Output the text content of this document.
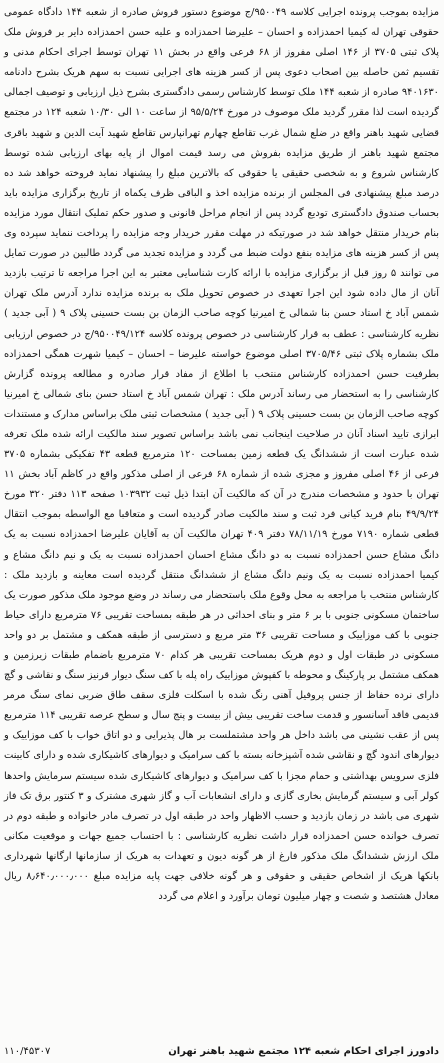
مزایده بموجب پرونده اجرایی کلاسه ۹۵۰۰۴۹/ج موضوع دستور فروش صادره از شعبه ۱۴۴ دادگاه عمومی حقوقی تهران له کیمیا احمدزاده و احسان – علیرضا احمدزاده و علیه حسن احمدزاده دایر بر فروش ملک پلاک ثبتی ۳۷۰۵ از ۱۴۶ اصلی مفروز از ۶۸ فرعی واقع در بخش ۱۱ تهران توسط اجرای احکام مدنی و تقسیم ثمن حاصله بین اصحاب دعوی پس از کسر هزینه های اجرایی نسبت به سهم هریک بشرح دادنامه ۹۴۰۱۶۳۰ صادره از شعبه ۱۴۴ ملک توسط کارشناس رسمی دادگستری بشرح ذیل ارزیابی و توصیف اجمالی گردیده است لذا مقرر گردید ملک موصوف در مورخ ۹۵/۵/۲۴ از ساعت ۱۰ الی ۱۰/۳۰ شعبه ۱۲۴ در مجتمع قضایی شهید باهنر واقع در ضلع شمال غرب تقاطع چهارم تهرانپارس تقاطع شهید آیت الدین و شهید باقری مجتمع شهید باهنر از طریق مزایده بفروش می رسد قیمت اموال از پایه بهای ارزیابی شده توسط کارشناس شروع و به شخصی حقیقی یا حقوقی که بالاترین مبلغ را پیشنهاد نماید فروخته خواهد شد ده درصد مبلغ پیشنهادی فی المجلس از برنده مزایده اخذ و الباقی ظرف یکماه از تاریخ برگزاری مزایده باید بحساب صندوق دادگستری تودیع گردد پس از انجام مراحل قانونی و صدور حکم تملیک انتقال مورد مزایده بنام خریدار منتقل خواهد شد در صورتیکه در مهلت مقرر خریدار وجه مزایده را پرداخت ننماید سپرده وی پس از کسر هزینه های مزایده بنفع دولت ضبط می گردد و مزایده تجدید می گردد طالبین در صورت تمایل می توانند ۵ روز قبل از برگزاری مزایده با ارائه کارت شناسایی معتبر به این اجرا مراجعه تا ترتیب بازدید آنان از مال داده شود این اجرا تعهدی در خصوص تحویل ملک به برنده مزایده ندارد آدرس ملک تهران شمس آباد خ استاد حسن بنا شمالی خ امیرنیا کوچه صاحب الزمان بن بست حسینی پلاک ۹ ( آبی جدید ) نظریه کارشناسی : عطف به قرار کارشناسی در خصوص پرونده کلاسه ۹۵۰۰۴۹/۱۲۴/ج در خصوص ارزیابی ملک بشماره پلاک ثبتی ۳۷۰۵/۴۶ اصلی موضوع خواسته علیرضا – احسان – کیمیا شهرت همگی احمدزاده بطرفیت حسن احمدزاده کارشناس منتخب با اطلاع از مفاد قرار صادره و مطالعه پرونده گزارش کارشناسی را به استحضار می رساند آدرس ملک : تهران شمس آباد خ استاد حسن بنای شمالی خ امیرنیا کوچه صاحب الزمان بن بست حسینی پلاک ۹ ( آبی جدید ) مشخصات ثبتی ملک براساس مدارک و مستندات ابرازی تایید اسناد آنان در صلاحیت اینجانب نمی باشد براساس تصویر سند مالکیت ارائه شده ملک تعرفه شده عبارت است از ششدانگ یک قطعه زمین بمساحت ۱۲۰ مترمربع قطعه ۴۳ تفکیکی بشماره ۳۷۰۵ فرعی از ۴۶ اصلی مفروز و مجزی شده از شماره ۶۸ فرعی از اصلی مذکور واقع در کاظم آباد بخش ۱۱ تهران با حدود و مشخصات مندرج در آن که مالکیت آن ابتدا ذیل ثبت ۱۰۳۹۳۲ صفحه ۱۱۳ دفتر ۳۲۰ مورخ ۴۹/۹/۲۴ بنام فرید کیانی فرد ثبت و سند مالکیت صادر گردیده است و متعاقبا مع الواسطه بموجب انتقال قطعی شماره ۷۱۹۰ مورخ ۷۸/۱۱/۱۹ دفتر ۴۰۹ تهران مالکیت آن به آقایان علیرضا احمدزاده نسبت به یک دانگ مشاع حسن احمدزاده نسبت به دو دانگ مشاع احسان احمدزاده نسبت به یک و نیم دانگ مشاع و کیمیا احمدزاده نسبت به یک ونیم دانگ مشاع از ششدانگ منتقل گردیده است معاینه و بازدید ملک : کارشناس منتخب با مراجعه به محل وقوع ملک باستحضار می رساند در وضع موجود ملک مذکور صورت یک ساختمان مسکونی جنوبی با بر ۶ متر و بنای احداثی در هر طبقه بمساحت تقریبی ۷۶ مترمربع دارای حیاط جنوبی با کف موزاییک و مساحت تقریبی ۳۶ متر مربع و دسترسی از طبقه همکف و مشتمل بر دو واحد مسکونی در طبقات اول و دوم هریک بمساحت تقریبی هر کدام ۷۰ مترمربع باضمام طبقات زیرزمین و همکف مشتمل بر پارکینگ و محوطه با کفپوش موزاییک راه پله با کف سنگ دیوار قرنیز سنگ و نقاشی و گچ دارای نرده حفاظ از جنس پروفیل آهنی رنگ شده با اسکلت فلزی سقف طاق ضربی نمای سنگ مرمر قدیمی فاقد آسانسور و قدمت ساخت تقریبی بیش از بیست و پنج سال و سطح عرصه تقریبی ۱۱۴ مترمربع پس از عقب نشینی می باشد داخل هر واحد مشتملست بر هال پذیرایی و دو اتاق خواب با کف موزاییک و دیوارهای اندود گچ و نقاشی شده آشپزخانه بسته با کف سرامیک و دیوارهای کاشیکاری شده و دارای کابینت فلزی سرویس بهداشتی و حمام مجزا با کف سرامیک و دیوارهای کاشیکاری شده سیستم سرمایش واحدها کولر آبی و سیستم گرمایش بخاری گازی و دارای انشعابات آب و گاز شهری مشترک و ۳ کنتور برق تک فاز شهری می باشد در زمان بازدید و حسب الاظهار واحد در طبقه اول در تصرف مادر خانواده و طبقه دوم در تصرف خوانده حسن احمدزاده قرار داشت نظریه کارشناسی : با احتساب جمیع جهات و موقعیت مکانی ملک ارزش ششدانگ ملک مذکور فارغ از هر گونه دیون و تعهدات به هریک از سازمانها ارگانها شهرداری بانکها هریک از اشخاص حقیقی و حقوقی و هر گونه خلافی جهت پایه مزایده مبلغ ۸٫۶۴۰٫۰۰۰٫۰۰۰ ریال معادل هشتصد و شصت و چهار میلیون تومان برآورد و اعلام می گردد

دادورز اجرای احکام شعبه ۱۲۴ مجتمع شهید باهنر تهران
۱۱۰/۴۵۳۰۷
